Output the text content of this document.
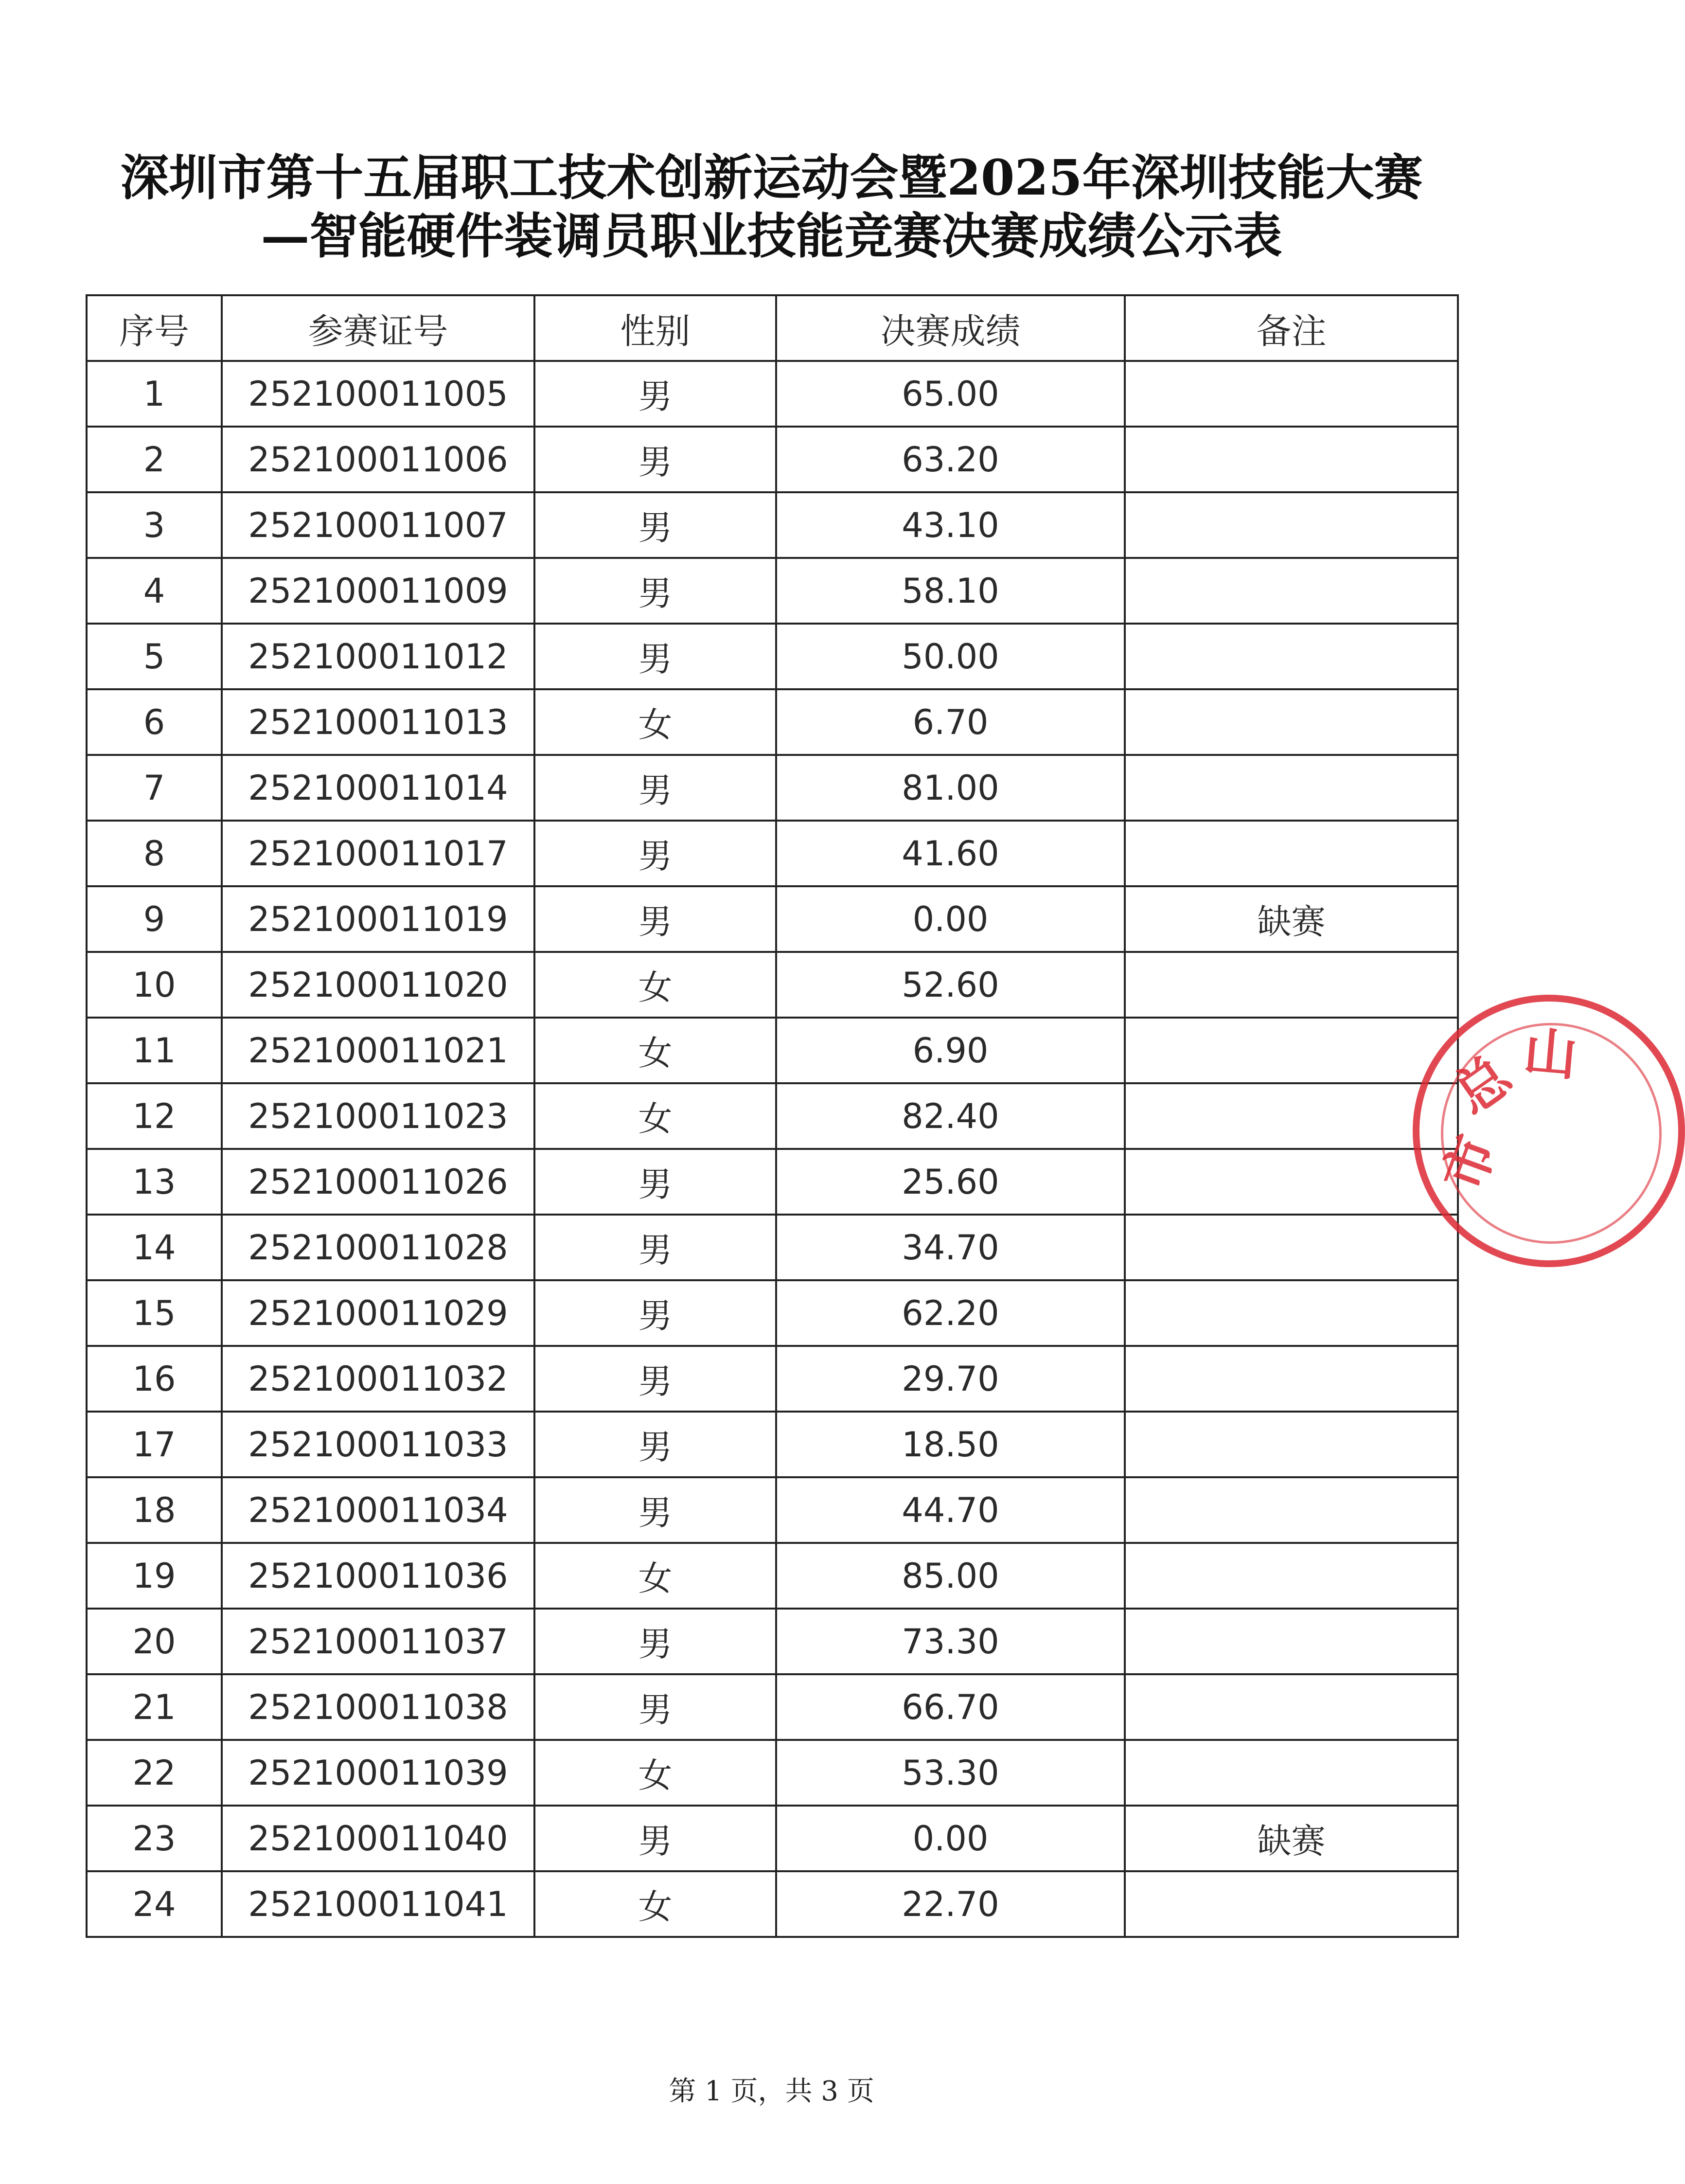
深圳市第十五届职工技术创新运动会暨2025年深圳技能大赛
—智能硬件装调员职业技能竞赛决赛成绩公示表
序号	参赛证号	性别	决赛成绩	备注
1	252100011005	男	65.00	
2	252100011006	男	63.20	
3	252100011007	男	43.10	
4	252100011009	男	58.10	
5	252100011012	男	50.00	
6	252100011013	女	6.70	
7	252100011014	男	81.00	
8	252100011017	男	41.60	
9	252100011019	男	0.00	缺赛
10	252100011020	女	52.60	
11	252100011021	女	6.90	
12	252100011023	女	82.40	
13	252100011026	男	25.60	
14	252100011028	男	34.70	
15	252100011029	男	62.20	
16	252100011032	男	29.70	
17	252100011033	男	18.50	
18	252100011034	男	44.70	
19	252100011036	女	85.00	
20	252100011037	男	73.30	
21	252100011038	男	66.70	
22	252100011039	女	53.30	
23	252100011040	男	0.00	缺赛
24	252100011041	女	22.70	
市
总
山
第 1 页，共 3 页
